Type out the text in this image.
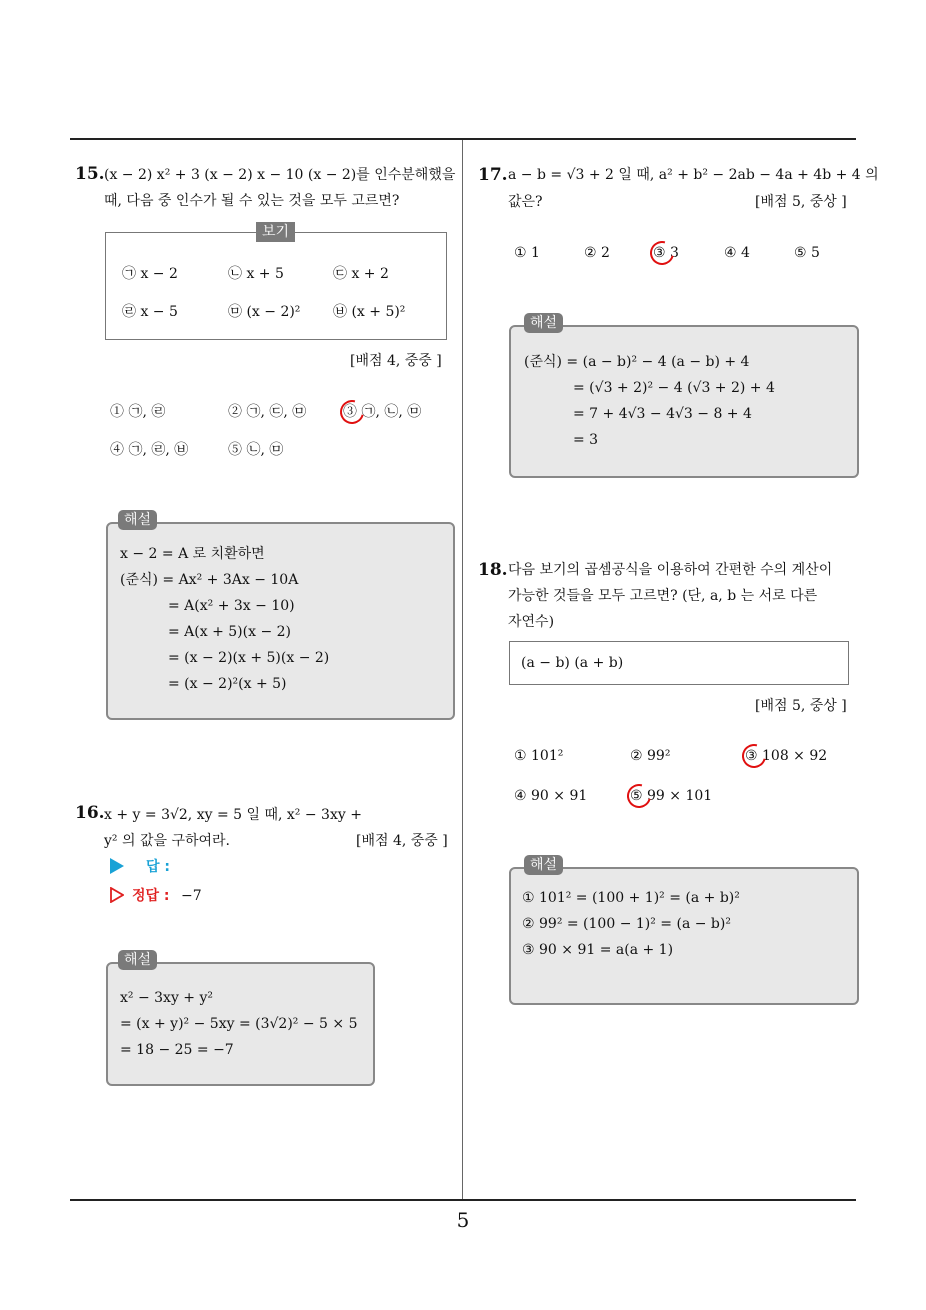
15. (x − 2) x² + 3 (x − 2) x − 10 (x − 2)를 인수분해했을
때, 다음 중 인수가 될 수 있는 것을 모두 고르면?
보기
㉠ x − 2	㉡ x + 5	㉢ x + 2
㉣ x − 5	㉤ (x − 2)² ㉥ (x + 5)²
[배점 4, 중중 ]
① ㉠, ㉣	② ㉠, ㉢, ㉤	③ ㉠, ㉡, ㉤
④ ㉠, ㉣, ㉥	⑤ ㉡, ㉤
해설
x − 2 = A 로 치환하면
(준식) = Ax² + 3Ax − 10A
= A(x² + 3x − 10)
= A(x + 5)(x − 2)
= (x − 2)(x + 5)(x − 2)
= (x − 2)²(x + 5)
16. x + y = 3√2, xy = 5 일 때, x² − 3xy +
y² 의 값을 구하여라.	[배점 4, 중중 ]
답 :
정답 : −7
해설
x² − 3xy + y²
= (x + y)² − 5xy = (3√2)² − 5 × 5
= 18 − 25 = −7
17. a − b = √3 + 2 일 때, a² + b² − 2ab − 4a + 4b + 4 의
값은?	[배점 5, 중상 ]
① 1	② 2	③ 3	④ 4	⑤ 5
해설
(준식) = (a − b)² − 4 (a − b) + 4
= (√3 + 2)² − 4 (√3 + 2) + 4
= 7 + 4√3 − 4√3 − 8 + 4
= 3
18. 다음 보기의 곱셈공식을 이용하여 간편한 수의 계산이
가능한 것들을 모두 고르면? (단, a, b 는 서로 다른
자연수)
(a − b) (a + b)
[배점 5, 중상 ]
① 101²	② 99²	③ 108 × 92
④ 90 × 91	⑤ 99 × 101
해설
① 101² = (100 + 1)² = (a + b)²
② 99² = (100 − 1)² = (a − b)²
③ 90 × 91 = a(a + 1)
5
